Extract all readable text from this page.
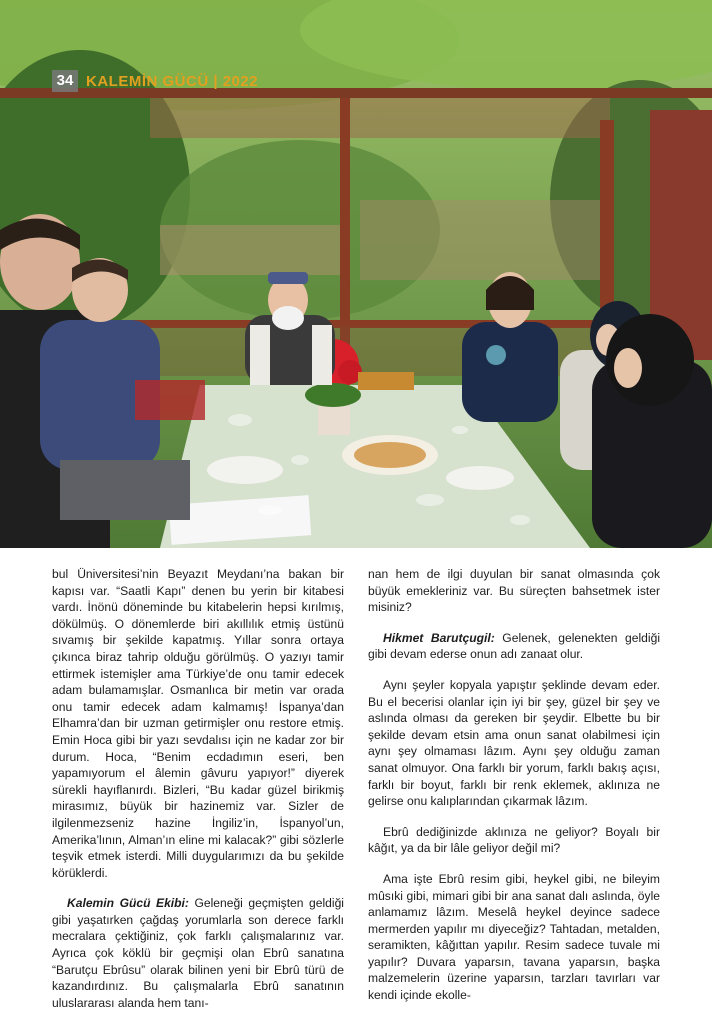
34 KALEMİN GÜCÜ | 2022

bul Üniversitesi’nin Beyazıt Meydanı’na bakan bir kapısı var. “Saatli Kapı” denen bu yerin bir kitabesi vardı. İnönü döneminde bu kitabelerin hepsi kırılmış, dökülmüş. O dönemlerde biri akıllılık etmiş üstünü sıvamış bir şekilde kapatmış. Yıllar sonra ortaya çıkınca biraz tahrip olduğu görülmüş. O yazıyı tamir ettirmek istemişler ama Türkiye’de onu tamir edecek adam bulamamışlar. Osmanlıca bir metin var orada onu tamir edecek adam kalmamış! İspanya’dan Elhamra’dan bir uzman getirmişler onu restore etmiş. Emin Hoca gibi bir yazı sevdalısı için ne kadar zor bir durum. Hoca, “Benim ecdadımın eseri, ben yapamıyorum el âlemin gâvuru yapıyor!” diyerek sürekli hayıflanırdı. Bizleri, “Bu kadar güzel birikmiş mirasımız, büyük bir hazinemiz var. Sizler de ilgilenmezseniz hazine İngiliz’in, İspanyol’un, Amerika’lının, Alman’ın eline mi kalacak?” gibi sözlerle teşvik etmek isterdi. Milli duygularımızı da bu şekilde körüklerdi.

Kalemin Gücü Ekibi: Geleneği geçmişten geldiği gibi yaşatırken çağdaş yorumlarla son derece farklı mecralara çektiğiniz, çok farklı çalışmalarınız var. Ayrıca çok köklü bir geçmişi olan Ebrû sanatına “Barutçu Ebrûsu” olarak bilinen yeni bir Ebrû türü de kazandırdınız. Bu çalışmalarla Ebrû sanatının uluslararası alanda hem tanı-

nan hem de ilgi duyulan bir sanat olmasında çok büyük emekleriniz var. Bu süreçten bahsetmek ister misiniz?

Hikmet Barutçugil: Gelenek, gelenekten geldiği gibi devam ederse onun adı zanaat olur.

Aynı şeyler kopyala yapıştır şeklinde devam eder. Bu el becerisi olanlar için iyi bir şey, güzel bir şey ve aslında olması da gereken bir şeydir. Elbette bu bir şekilde devam etsin ama onun sanat olabilmesi için aynı şey olmaması lâzım. Aynı şey olduğu zaman sanat olmuyor. Ona farklı bir yorum, farklı bakış açısı, farklı bir boyut, farklı bir renk eklemek, aklınıza ne gelirse onu kalıplarından çıkarmak lâzım.

Ebrû dediğinizde aklınıza ne geliyor? Boyalı bir kâğıt, ya da bir lâle geliyor değil mi?

Ama işte Ebrû resim gibi, heykel gibi, ne bileyim mûsıki gibi, mimari gibi bir ana sanat dalı aslında, öyle anlamamız lâzım. Meselâ heykel deyince sadece mermerden yapılır mı diyeceğiz? Tahtadan, metalden, seramikten, kâğıttan yapılır. Resim sadece tuvale mi yapılır? Duvara yaparsın, tavana yaparsın, başka malzemelerin üzerine yaparsın, tarzları tavırları var kendi içinde ekolle-
